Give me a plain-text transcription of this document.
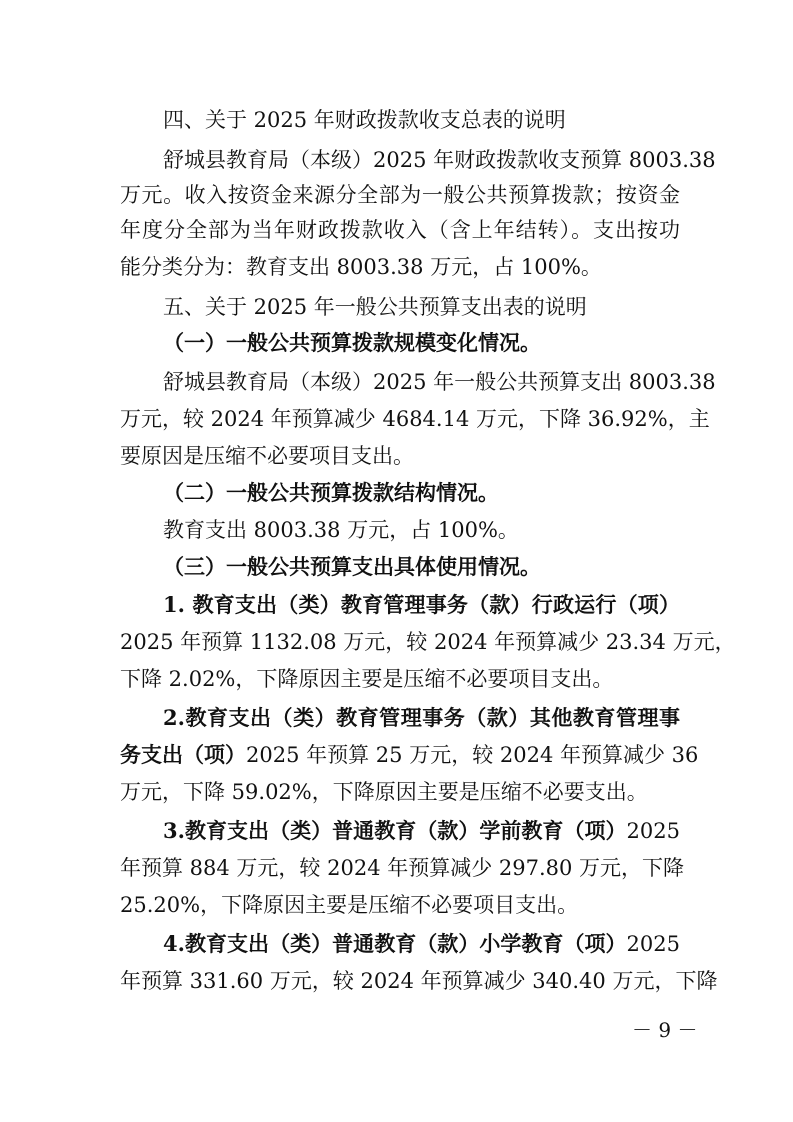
四、关于 2025 年财政拨款收支总表的说明
舒城县教育局（本级）2025 年财政拨款收支预算 8003.38
万元。收入按资金来源分全部为一般公共预算拨款；按资金
年度分全部为当年财政拨款收入（含上年结转）。支出按功
能分类分为：教育支出 8003.38 万元，占 100%。
五、关于 2025 年一般公共预算支出表的说明
（一）一般公共预算拨款规模变化情况。
舒城县教育局（本级）2025 年一般公共预算支出 8003.38
万元，较 2024 年预算减少 4684.14 万元，下降 36.92%，主
要原因是压缩不必要项目支出。
（二）一般公共预算拨款结构情况。
教育支出 8003.38 万元，占 100%。
（三）一般公共预算支出具体使用情况。
1. 教育支出（类）教育管理事务（款）行政运行（项）
2025 年预算 1132.08 万元，较 2024 年预算减少 23.34 万元，
下降 2.02%，下降原因主要是压缩不必要项目支出。
2.教育支出（类）教育管理事务（款）其他教育管理事
务支出（项）2025 年预算 25 万元，较 2024 年预算减少 36
万元，下降 59.02%，下降原因主要是压缩不必要支出。
3.教育支出（类）普通教育（款）学前教育（项）2025
年预算 884 万元，较 2024 年预算减少 297.80 万元，下降
25.20%，下降原因主要是压缩不必要项目支出。
4.教育支出（类）普通教育（款）小学教育（项）2025
年预算 331.60 万元，较 2024 年预算减少 340.40 万元，下降
－ 9 －
